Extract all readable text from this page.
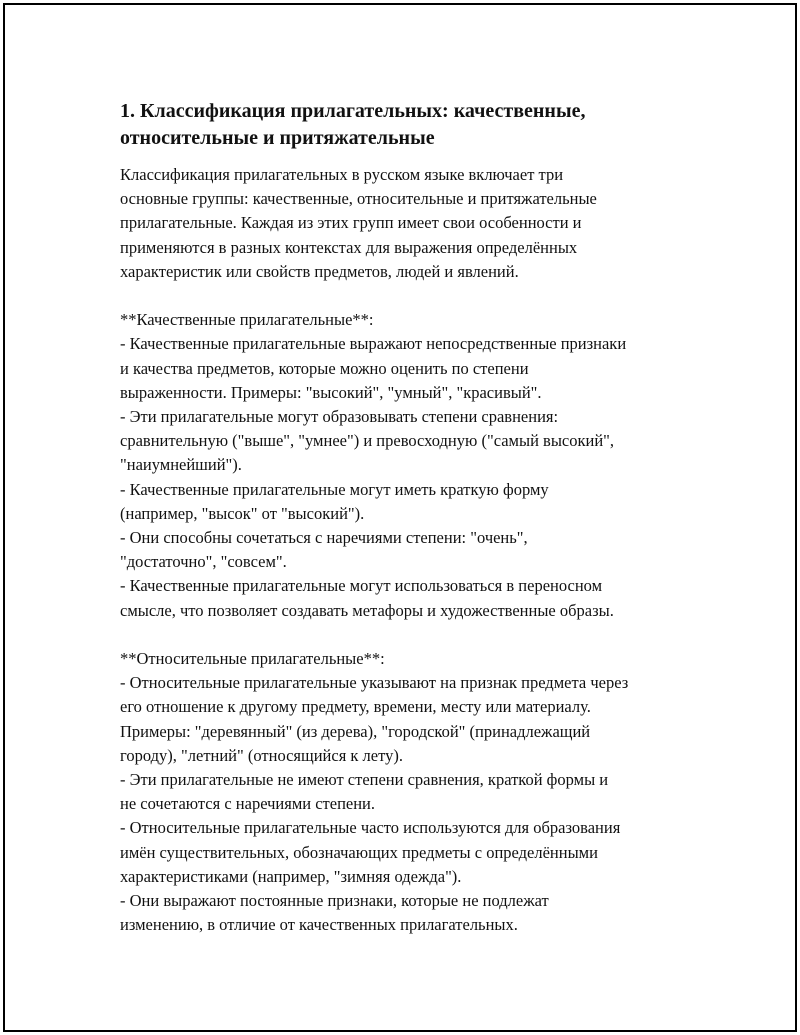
1. Классификация прилагательных: качественные,
относительные и притяжательные
Классификация прилагательных в русском языке включает три
основные группы: качественные, относительные и притяжательные
прилагательные. Каждая из этих групп имеет свои особенности и
применяются в разных контекстах для выражения определённых
характеристик или свойств предметов, людей и явлений.
**Качественные прилагательные**:
- Качественные прилагательные выражают непосредственные признаки
и качества предметов, которые можно оценить по степени
выраженности. Примеры: "высокий", "умный", "красивый".
- Эти прилагательные могут образовывать степени сравнения:
сравнительную ("выше", "умнее") и превосходную ("самый высокий",
"наиумнейший").
- Качественные прилагательные могут иметь краткую форму
(например, "высок" от "высокий").
- Они способны сочетаться с наречиями степени: "очень",
"достаточно", "совсем".
- Качественные прилагательные могут использоваться в переносном
смысле, что позволяет создавать метафоры и художественные образы.
**Относительные прилагательные**:
- Относительные прилагательные указывают на признак предмета через
его отношение к другому предмету, времени, месту или материалу.
Примеры: "деревянный" (из дерева), "городской" (принадлежащий
городу), "летний" (относящийся к лету).
- Эти прилагательные не имеют степени сравнения, краткой формы и
не сочетаются с наречиями степени.
- Относительные прилагательные часто используются для образования
имён существительных, обозначающих предметы с определёнными
характеристиками (например, "зимняя одежда").
- Они выражают постоянные признаки, которые не подлежат
изменению, в отличие от качественных прилагательных.
